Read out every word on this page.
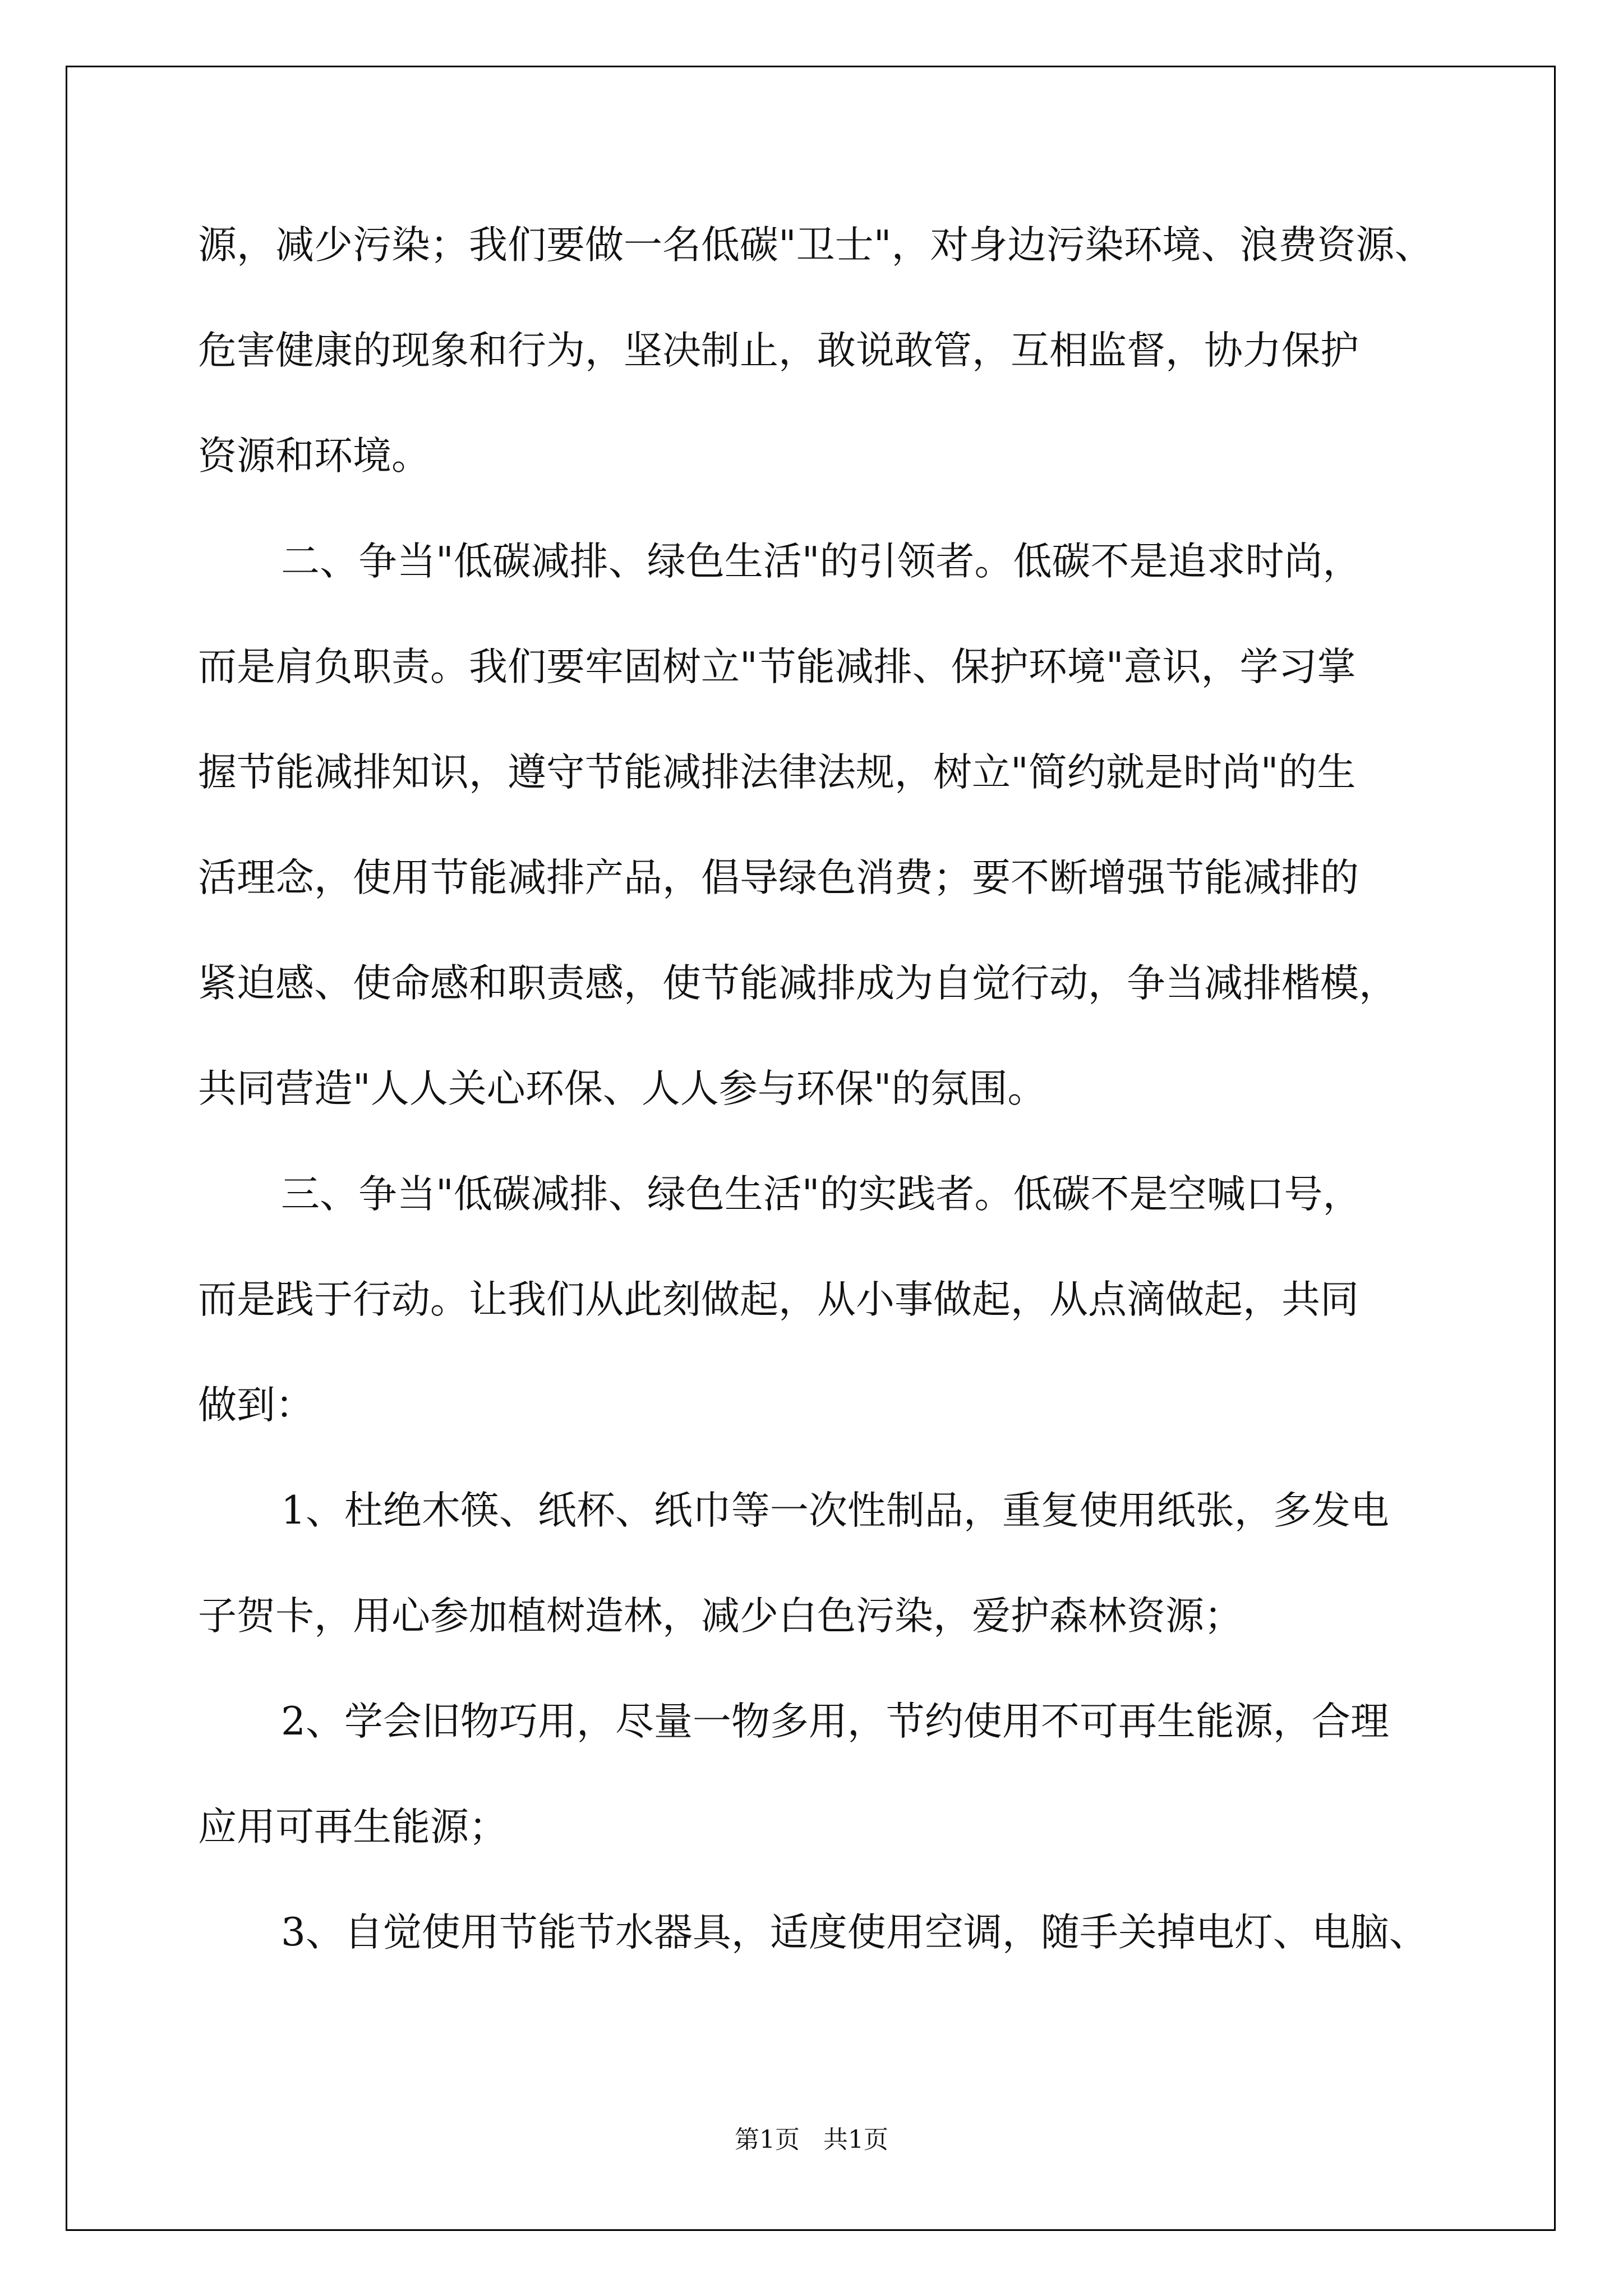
源，减少污染；我们要做一名低碳"卫士"，对身边污染环境、浪费资源、
危害健康的现象和行为，坚决制止，敢说敢管，互相监督，协力保护
资源和环境。
二、争当"低碳减排、绿色生活"的引领者。低碳不是追求时尚，
而是肩负职责。我们要牢固树立"节能减排、保护环境"意识，学习掌
握节能减排知识，遵守节能减排法律法规，树立"简约就是时尚"的生
活理念，使用节能减排产品，倡导绿色消费；要不断增强节能减排的
紧迫感、使命感和职责感，使节能减排成为自觉行动，争当减排楷模，
共同营造"人人关心环保、人人参与环保"的氛围。
三、争当"低碳减排、绿色生活"的实践者。低碳不是空喊口号，
而是践于行动。让我们从此刻做起，从小事做起，从点滴做起，共同
做到：
1、杜绝木筷、纸杯、纸巾等一次性制品，重复使用纸张，多发电
子贺卡，用心参加植树造林，减少白色污染，爱护森林资源；
2、学会旧物巧用，尽量一物多用，节约使用不可再生能源，合理
应用可再生能源；
3、自觉使用节能节水器具，适度使用空调，随手关掉电灯、电脑、
第1页   共1页
